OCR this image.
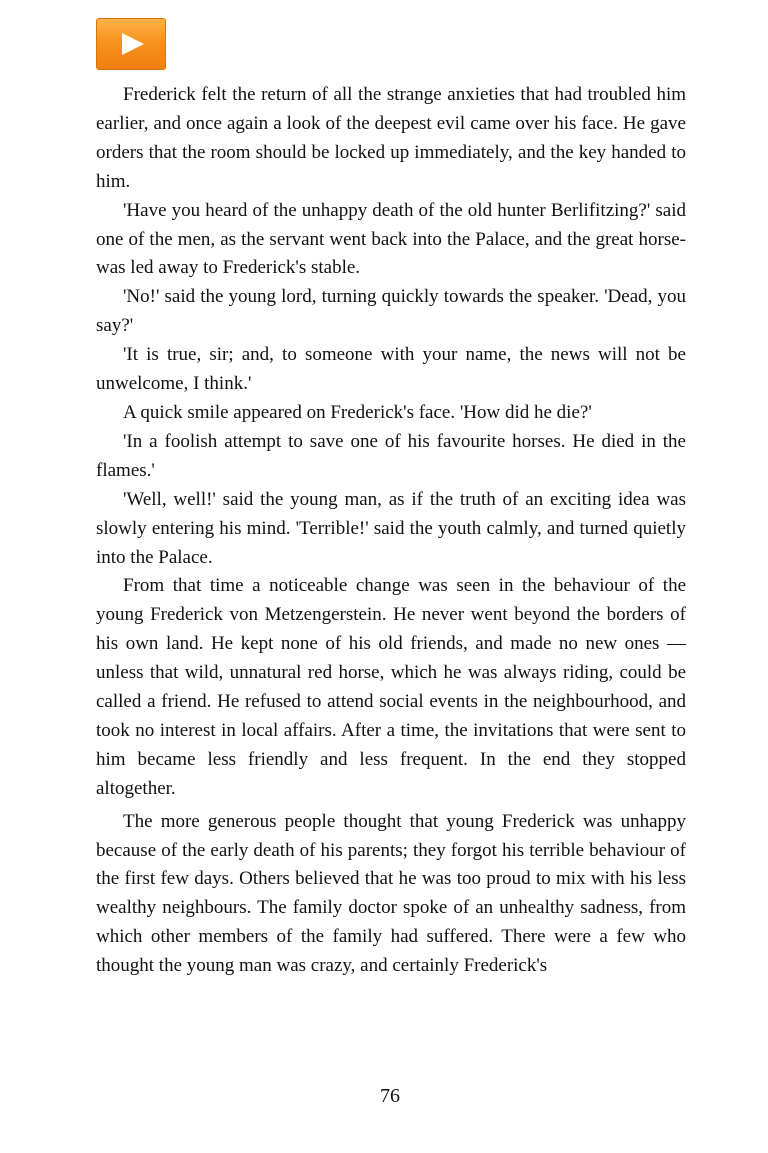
Frederick felt the return of all the strange anxieties that had troubled him earlier, and once again a look of the deepest evil came over his face. He gave orders that the room should be locked up immediately, and the key handed to him.

'Have you heard of the unhappy death of the old hunter Berlifitzing?' said one of the men, as the servant went back into the Palace, and the great horse- was led away to Frederick's stable.

'No!' said the young lord, turning quickly towards the speaker. 'Dead, you say?'

'It is true, sir; and, to someone with your name, the news will not be unwelcome, I think.'

A quick smile appeared on Frederick's face. 'How did he die?'

'In a foolish attempt to save one of his favourite horses. He died in the flames.'

'Well, well!' said the young man, as if the truth of an exciting idea was slowly entering his mind. 'Terrible!' said the youth calmly, and turned quietly into the Palace.

From that time a noticeable change was seen in the behaviour of the young Frederick von Metzengerstein. He never went beyond the borders of his own land. He kept none of his old friends, and made no new ones — unless that wild, unnatural red horse, which he was always riding, could be called a friend. He refused to attend social events in the neighbourhood, and took no interest in local affairs. After a time, the invitations that were sent to him became less friendly and less frequent. In the end they stopped altogether.

The more generous people thought that young Frederick was unhappy because of the early death of his parents; they forgot his terrible behaviour of the first few days. Others believed that he was too proud to mix with his less wealthy neighbours. The family doctor spoke of an unhealthy sadness, from which other members of the family had suffered. There were a few who thought the young man was crazy, and certainly Frederick's

76
